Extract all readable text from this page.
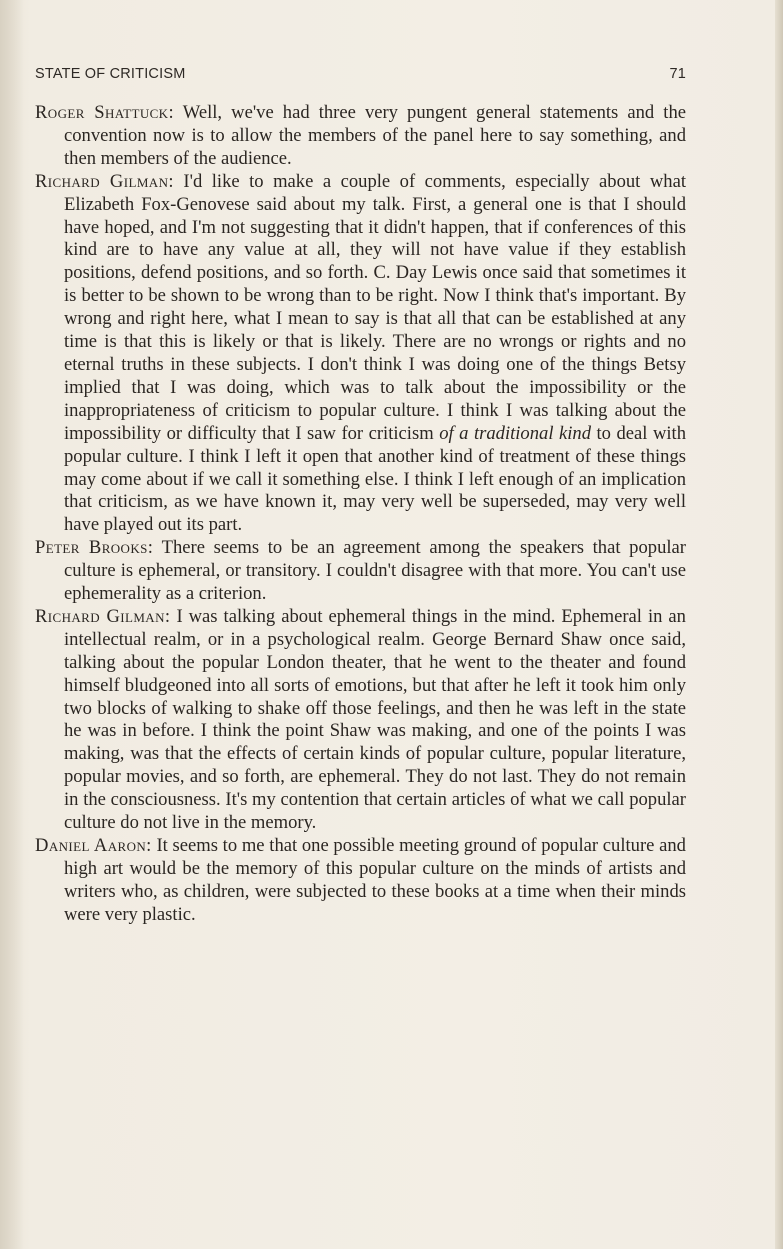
STATE OF CRITICISM	71

Roger Shattuck: Well, we've had three very pungent general statements and the convention now is to allow the members of the panel here to say something, and then members of the audience.

Richard Gilman: I'd like to make a couple of comments, especially about what Elizabeth Fox-Genovese said about my talk. First, a general one is that I should have hoped, and I'm not suggesting that it didn't happen, that if conferences of this kind are to have any value at all, they will not have value if they establish positions, defend positions, and so forth. C. Day Lewis once said that sometimes it is better to be shown to be wrong than to be right. Now I think that's important. By wrong and right here, what I mean to say is that all that can be established at any time is that this is likely or that is likely. There are no wrongs or rights and no eternal truths in these subjects. I don't think I was doing one of the things Betsy implied that I was doing, which was to talk about the impossibility or the inappropriateness of criticism to popular culture. I think I was talking about the impossibility or difficulty that I saw for criticism of a traditional kind to deal with popular culture. I think I left it open that another kind of treatment of these things may come about if we call it something else. I think I left enough of an implication that criticism, as we have known it, may very well be superseded, may very well have played out its part.

Peter Brooks: There seems to be an agreement among the speakers that popular culture is ephemeral, or transitory. I couldn't disagree with that more. You can't use ephemerality as a criterion.

Richard Gilman: I was talking about ephemeral things in the mind. Ephemeral in an intellectual realm, or in a psychological realm. George Bernard Shaw once said, talking about the popular London theater, that he went to the theater and found himself bludgeoned into all sorts of emotions, but that after he left it took him only two blocks of walking to shake off those feelings, and then he was left in the state he was in before. I think the point Shaw was making, and one of the points I was making, was that the effects of certain kinds of popular culture, popular literature, popular movies, and so forth, are ephemeral. They do not last. They do not remain in the consciousness. It's my contention that certain articles of what we call popular culture do not live in the memory.

Daniel Aaron: It seems to me that one possible meeting ground of popular culture and high art would be the memory of this popular culture on the minds of artists and writers who, as children, were subjected to these books at a time when their minds were very plastic.
